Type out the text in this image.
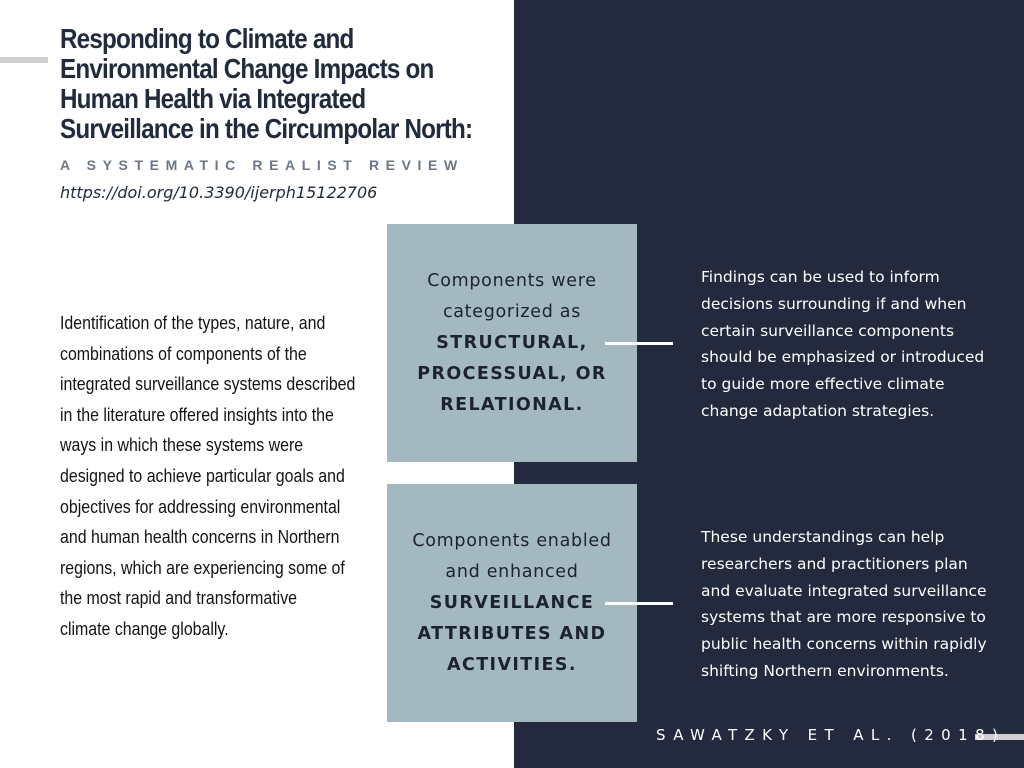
Responding to Climate and
Environmental Change Impacts on
Human Health via Integrated
Surveillance in the Circumpolar North:

A SYSTEMATIC REALIST REVIEW

https://doi.org/10.3390/ijerph15122706

Identification of the types, nature, and
combinations of components of the
integrated surveillance systems described
in the literature offered insights into the
ways in which these systems were
designed to achieve particular goals and
objectives for addressing environmental
and human health concerns in Northern
regions, which are experiencing some of
the most rapid and transformative
climate change globally.

Components were
categorized as
STRUCTURAL,
PROCESSUAL, OR
RELATIONAL.

Findings can be used to inform
decisions surrounding if and when
certain surveillance components
should be emphasized or introduced
to guide more effective climate
change adaptation strategies.

Components enabled
and enhanced
SURVEILLANCE
ATTRIBUTES AND
ACTIVITIES.

These understandings can help
researchers and practitioners plan
and evaluate integrated surveillance
systems that are more responsive to
public health concerns within rapidly
shifting Northern environments.

SAWATZKY ET AL. (2018)
